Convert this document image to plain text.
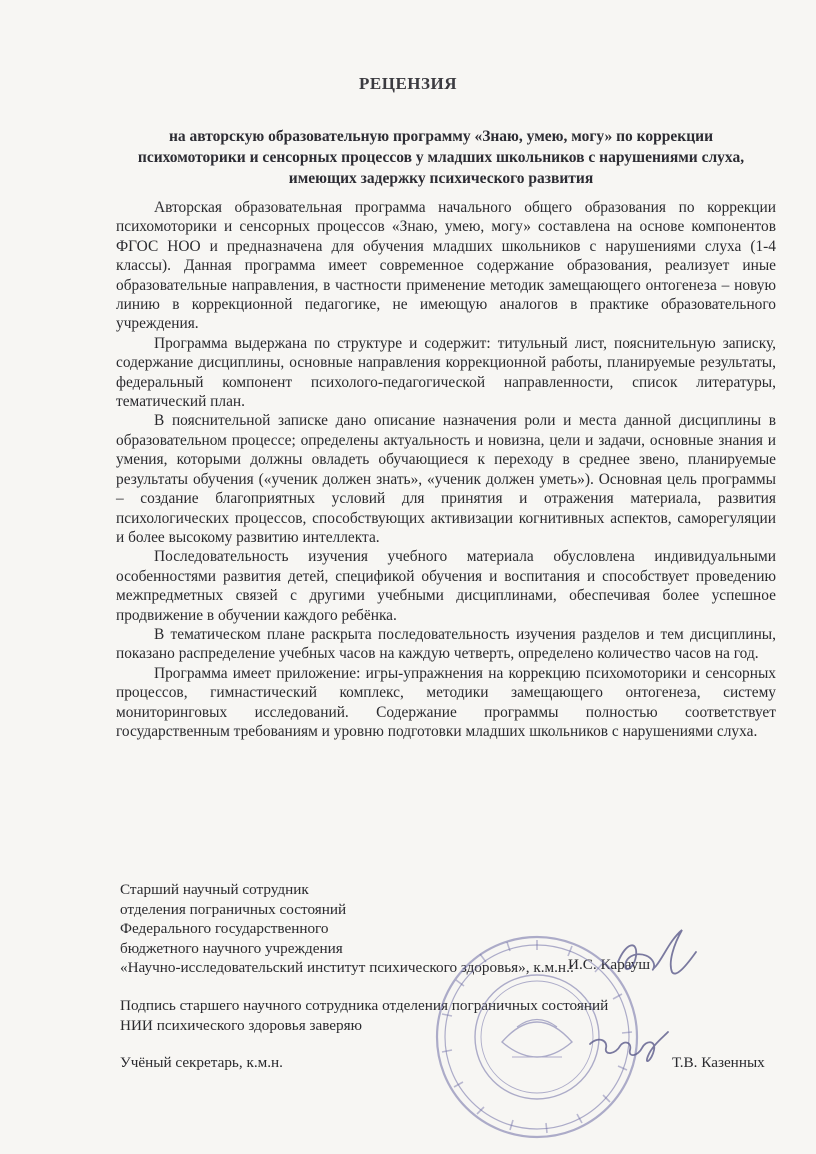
РЕЦЕНЗИЯ
на авторскую образовательную программу «Знаю, умею, могу» по коррекции психомоторики и сенсорных процессов у младших школьников с нарушениями слуха, имеющих задержку психического развития

Авторская образовательная программа начального общего образования по коррекции психомоторики и сенсорных процессов «Знаю, умею, могу» составлена на основе компонентов ФГОС НОО и предназначена для обучения младших школьников с нарушениями слуха (1-4 классы). Данная программа имеет современное содержание образования, реализует иные образовательные направления, в частности применение методик замещающего онтогенеза – новую линию в коррекционной педагогике, не имеющую аналогов в практике образовательного учреждения.

Программа выдержана по структуре и содержит: титульный лист, пояснительную записку, содержание дисциплины, основные направления коррекционной работы, планируемые результаты, федеральный компонент психолого-педагогической направленности, список литературы, тематический план.

В пояснительной записке дано описание назначения роли и места данной дисциплины в образовательном процессе; определены актуальность и новизна, цели и задачи, основные знания и умения, которыми должны овладеть обучающиеся к переходу в среднее звено, планируемые результаты обучения («ученик должен знать», «ученик должен уметь»). Основная цель программы – создание благоприятных условий для принятия и отражения материала, развития психологических процессов, способствующих активизации когнитивных аспектов, саморегуляции и более высокому развитию интеллекта.

Последовательность изучения учебного материала обусловлена индивидуальными особенностями развития детей, спецификой обучения и воспитания и способствует проведению межпредметных связей с другими учебными дисциплинами, обеспечивая более успешное продвижение в обучении каждого ребёнка.

В тематическом плане раскрыта последовательность изучения разделов и тем дисциплины, показано распределение учебных часов на каждую четверть, определено количество часов на год.

Программа имеет приложение: игры-упражнения на коррекцию психомоторики и сенсорных процессов, гимнастический комплекс, методики замещающего онтогенеза, систему мониторинговых исследований. Содержание программы полностью соответствует государственным требованиям и уровню подготовки младших школьников с нарушениями слуха.

Старший научный сотрудник
отделения пограничных состояний
Федерального государственного
бюджетного научного учреждения
«Научно-исследовательский институт психического здоровья», к.м.н.:
И.С. Карауш
Подпись старшего научного сотрудника отделения пограничных состояний
НИИ психического здоровья заверяю
Учёный секретарь, к.м.н.	Т.В. Казенных
